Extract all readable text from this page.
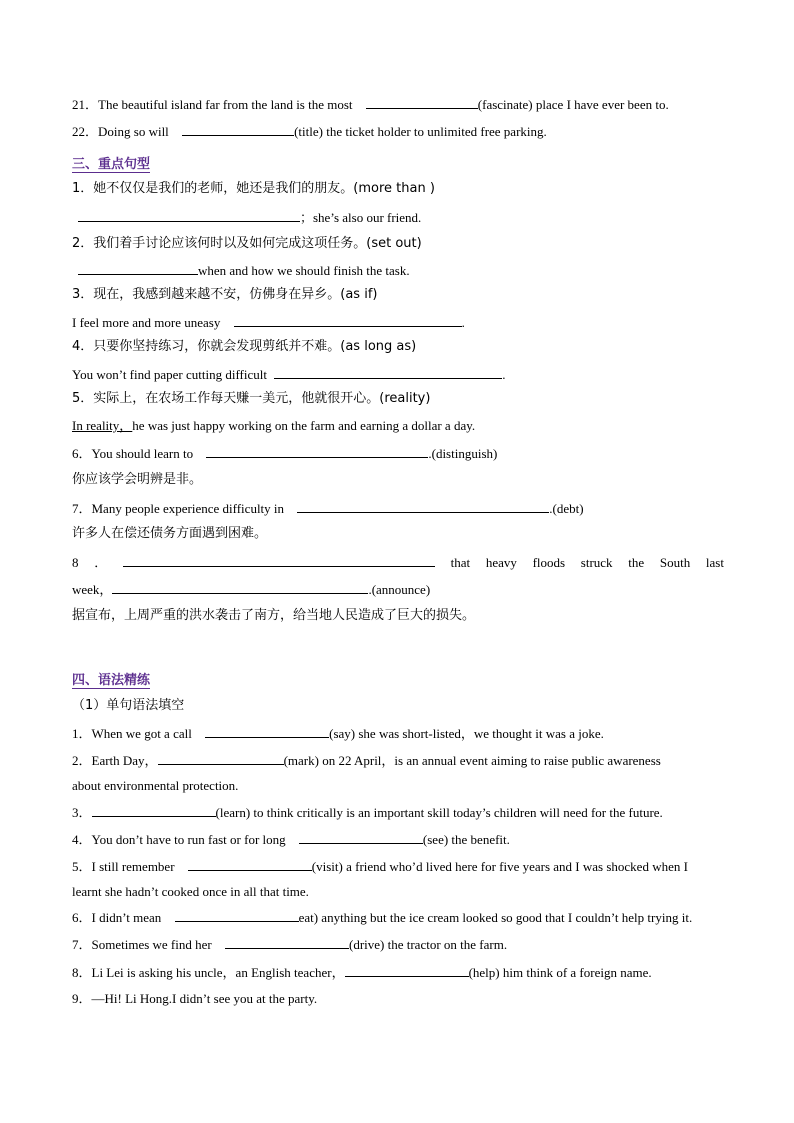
21．The beautiful island far from the land is the most	(fascinate) place I have ever been to.
22．Doing so will	(title) the ticket holder to unlimited free parking.
三、重点句型
1．她不仅仅是我们的老师，她还是我们的朋友。(more than )
；she’s also our friend.
2．我们着手讨论应该何时以及如何完成这项任务。(set out)
when and how we should finish the task.
3．现在，我感到越来越不安，仿佛身在异乡。(as if)
I feel more and more uneasy	.
4．只要你坚持练习，你就会发现剪纸并不难。(as long as)
You won’t find paper cutting difficult	.
5．实际上，在农场工作每天赚一美元，他就很开心。(reality)
In reality，he was just happy working on the farm and earning a dollar a day.
6．You should learn to	.(distinguish)
你应该学会明辨是非。
7．Many people experience difficulty in	.(debt)
许多人在偿还债务方面遇到困难。
8 ．	that heavy floods struck the South last
week，	.(announce)
据宣布，上周严重的洪水袭击了南方，给当地人民造成了巨大的损失。
四、语法精练
（1）单句语法填空
1．When we got a call	(say) she was short-listed，we thought it was a joke.
2．Earth Day，	(mark) on 22 April，is an annual event aiming to raise public awareness
about environmental protection.
3．	(learn) to think critically is an important skill today’s children will need for the future.
4．You don’t have to run fast or for long	(see) the benefit.
5．I still remember	(visit) a friend who’d lived here for five years and I was shocked when I
learnt she hadn’t cooked once in all that time.
6．I didn’t mean	eat) anything but the ice cream looked so good that I couldn’t help trying it.
7．Sometimes we find her	(drive) the tractor on the farm.
8．Li Lei is asking his uncle，an English teacher，	(help) him think of a foreign name.
9．—Hi! Li Hong.I didn’t see you at the party.
